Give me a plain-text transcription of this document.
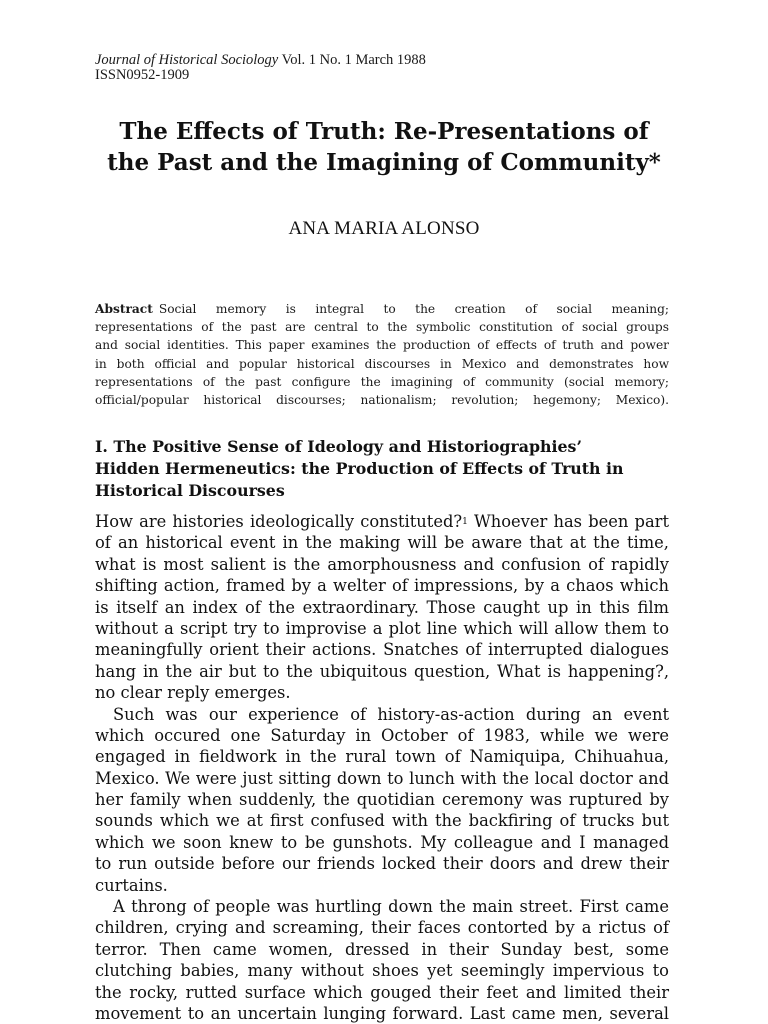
Journal of Historical Sociology Vol. 1 No. 1 March 1988
ISSN0952-1909
The Effects of Truth: Re-Presentations of
the Past and the Imagining of Community*
ANA MARIA ALONSO
Abstract Social memory is integral to the creation of social meaning;
representations of the past are central to the symbolic constitution of social groups
and social identities. This paper examines the production of effects of truth and power
in both official and popular historical discourses in Mexico and demonstrates how
representations of the past configure the imagining of community (social memory;
official/popular historical discourses; nationalism; revolution; hegemony; Mexico).
I. The Positive Sense of Ideology and Historiographies’
Hidden Hermeneutics: the Production of Effects of Truth in
Historical Discourses
How are histories ideologically constituted?$^1$ Whoever has been part
of an historical event in the making will be aware that at the time,
what is most salient is the amorphousness and confusion of rapidly
shifting action, framed by a welter of impressions, by a chaos which
is itself an index of the extraordinary. Those caught up in this film
without a script try to improvise a plot line which will allow them to
meaningfully orient their actions. Snatches of interrupted dialogues
hang in the air but to the ubiquitous question, What is happening?,
no clear reply emerges.
Such was our experience of history-as-action during an event
which occured one Saturday in October of 1983, while we were
engaged in fieldwork in the rural town of Namiquipa, Chihuahua,
Mexico. We were just sitting down to lunch with the local doctor and
her family when suddenly, the quotidian ceremony was ruptured by
sounds which we at first confused with the backfiring of trucks but
which we soon knew to be gunshots. My colleague and I managed
to run outside before our friends locked their doors and drew their
curtains.
A throng of people was hurtling down the main street. First came
children, crying and screaming, their faces contorted by a rictus of
terror. Then came women, dressed in their Sunday best, some
clutching babies, many without shoes yet seemingly impervious to
the rocky, rutted surface which gouged their feet and limited their
movement to an uncertain lunging forward. Last came men, several
